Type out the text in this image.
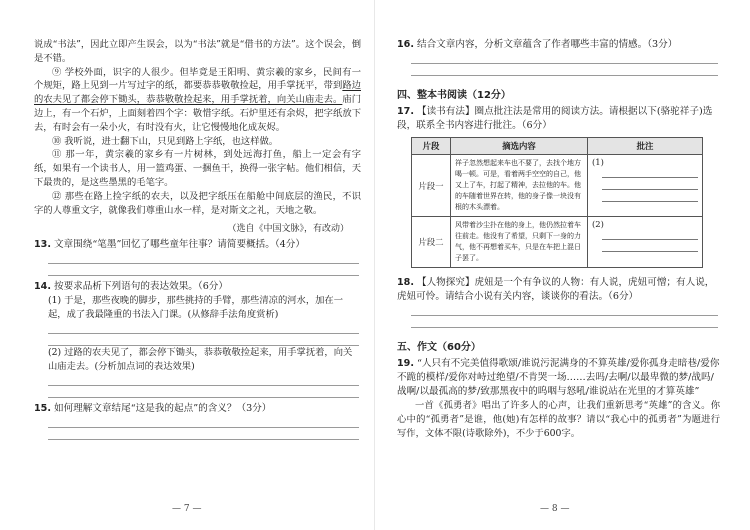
说成“书法”，因此立即产生误会，以为“书法”就是“借书的方法”。这个误会，倒是不错。

⑨ 学校外面，识字的人很少。但毕竟是王阳明、黄宗羲的家乡，民间有一个规矩，路上见到一片写过字的纸，都要恭恭敬敬捡起，用手掌抚平，带到路边的农夫见了都会停下锄头，恭恭敬敬捡起来，用手掌抚着，向关山庙走去。庙门边上，有一个石炉，上面刻着四个字：敬惜字纸。石炉里还有余烬，把字纸放下去，有时会有一朵小火，有时没有火，让它慢慢地化成灰烬。

⑩ 我听说，进士翻下山，只见到路上字纸，也这样做。

⑪ 那一年，黄宗羲的家乡有一片树林，到处远海打鱼，船上一定会有字纸，如果有一个读书人，用一篮鸡蛋、一捆鱼干，换得一张字帖。他们相信，天下最贵的，是这些墨黑的毛笔字。

⑫ 那些在路上捡字纸的农夫，以及把字纸压在船舱中间底层的渔民，不识字的人尊重文字，就像我们尊重山水一样，是对斯文之礼，天地之敬。

（选自《中国文脉》，有改动）

13. 文章围绕“笔墨”回忆了哪些童年往事？请简要概括。（4分）

14. 按要求品析下列语句的表达效果。（6分）

(1) 于是，那些夜晚的脚步，那些挑持的手臂，那些清凉的河水，加在一起，成了我最隆重的书法入门课。(从修辞手法角度赏析)

(2) 过路的农夫见了，都会停下锄头，恭恭敬敬捡起来，用手掌抚着，向关山庙走去。(分析加点词的表达效果)

15. 如何理解文章结尾“这是我的起点”的含义？（3分）

— 7 —

16. 结合文章内容，分析文章蕴含了作者哪些丰富的情感。（3分）

四、整本书阅读（12分）

17. 【读书有法】圈点批注法是常用的阅读方法。请根据以下(骆驼祥子)选段，联系全书内容进行批注。（6分）

片段	摘选内容	批注
片段一	祥子忽然想起来车也不要了，去找个地方喝一顿。可是，看着两手空空的自己，他又上了车，打起了精神，去拉他的车。他的车随着世界在转，他的身子像一块没有根的木头漂着。	(1)

片段二	风带着沙尘扑在他的身上，他仍然拉着车往前走。他没有了希望，只剩下一身的力气，他不再想着买车，只是在车把上混日子罢了。	(2)

18. 【人物探究】虎妞是一个有争议的人物：有人说，虎妞可憎；有人说，虎妞可怜。请结合小说有关内容，谈谈你的看法。（6分）

五、作文（60分）

19. “人只有不完美值得歌颂/谁说污泥满身的不算英雄/爱你孤身走暗巷/爱你不跪的模样/爱你对峙过绝望/不肯哭一场……去吗/去啊/以最卑微的梦/战吗/战啊/以最孤高的梦/致那黑夜中的呜咽与怒吼/谁说站在光里的才算英雄”

一首《孤勇者》唱出了许多人的心声，让我们重新思考“英雄”的含义。你心中的“孤勇者”是谁，他(她)有怎样的故事？请以“我心中的孤勇者”为题进行写作，文体不限(诗歌除外)，不少于600字。

— 8 —
